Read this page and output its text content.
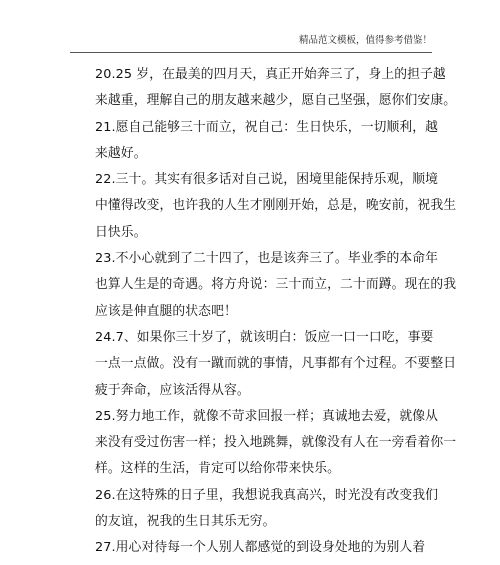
精品范文模板，值得参考借鉴！

20.25 岁，在最美的四月天，真正开始奔三了，身上的担子越
来越重，理解自己的朋友越来越少，愿自己坚强，愿你们安康。

21.愿自己能够三十而立，祝自己：生日快乐，一切顺利，越
来越好。

22.三十。其实有很多话对自己说，困境里能保持乐观，顺境
中懂得改变，也许我的人生才刚刚开始，总是，晚安前，祝我生
日快乐。

23.不小心就到了二十四了，也是该奔三了。毕业季的本命年
也算人生是的奇遇。将方舟说：三十而立，二十而蹲。现在的我
应该是伸直腿的状态吧！

24.7、如果你三十岁了，就该明白：饭应一口一口吃，事要
一点一点做。没有一蹴而就的事情，凡事都有个过程。不要整日
疲于奔命，应该活得从容。

25.努力地工作，就像不苛求回报一样；真诚地去爱，就像从
来没有受过伤害一样；投入地跳舞，就像没有人在一旁看着你一
样。这样的生活，肯定可以给你带来快乐。

26.在这特殊的日子里，我想说我真高兴，时光没有改变我们
的友谊，祝我的生日其乐无穷。

27.用心对待每一个人别人都感觉的到设身处地的为别人着
